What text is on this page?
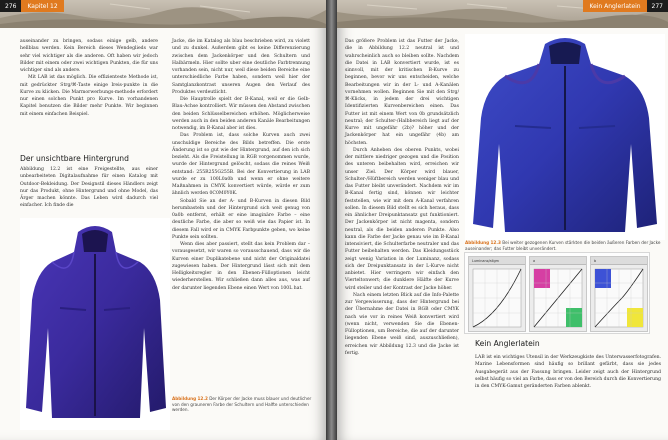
276	Kapitel 12

auseinander zu bringen, sodass einige gelb, andere hellblau werden. Kein Bereich dieses Wendeglieds war sehr viel wichtiger als die anderen. Oft haben wir jedoch Bilder mit einem oder zwei wichtigen Punkten, die für uns wichtiger sind als andere.

Mit LAB ist das möglich. Die effizienteste Methode ist, mit gedrückter Strg/⌘-Taste einige Ireis-punkte in die Kurve zu klicken. Die Marmorwerbungs-methode erfordert nur einen solchen Punkt pro Kurve. Im vorhandenen Kapitel benutzen die Bilder mehr Punkte. Wir beginnen mit einem einfachen Beispiel.

Der unsichtbare Hintergrund

Abbildung 12.2 ist eine Freigestellte, aus einer unbearbeiteten Digitalaufnahme für einen Katalog mit Outdoor-Bekleidung. Der Designstil dieses Händlers zeigt nur das Produkt, ohne Hintergrund und ohne Model, das Ärger machen könnte. Das Leben wird dadurch viel einfacher. Ich finde die

Jacke, die im Katalog als blau beschrieben wird, zu violett und zu dunkel. Außerdem gibt es keine Differenzierung zwischen dem Jackenkörper und den Schultern und Halbärmeln. Hier sollte uber eine deutliche Farbtrennung vorhanden sein, nicht nur, weil diese beiden Bereiche eine unterschiedliche Farbe haben, sondern weil hier der Samtglanzkontrast unseren Augen den Verlauf des Produktes verdeutlicht.

Die Hauptrolle spielt der B-Kanal, weil er die Gelb-Blau-Achse kontrolliert. Wir müssen den Abstand zwischen den beiden Schlüsselbereichen erhöhen. Möglicherweise werden auch in den beiden anderen Kanäle Bearbeitungen notwendig, im B-Kanal aber ist dies.

Das Problem ist, dass solche Kurven auch zwei unschuldige Bereiche des Bilds betreffen. Die erste Änderung ist so gut wie der Hintergrund, auf den ich sich bezieht. Als die Freistellung in RGB vorgenommen wurde, wurde der Hintergrund gelöscht, sodass die reines Weiß entstand: 255R255G255B. Bei der Konvertierung in LAB wurde er zu 100L0a0b und wenn er ohne weitere Maßnahmen in CMYK konvertiert würde, würde er zum ähnlich werden 0C0M0Y0K.

Sobald Sie an der A- und B-Kurven in diesen Bild herumbasteln und der Hintergrund sich weit genug von 0a0b entfernt, erhält er eine imaginäre Farbe – eine deutliche Farbe, die aber so weiß wie das Papier ist. In diesem Fall wird er in CMYK Farbpunkte geben, wo keine Punkte sein sollten.

Wenn dies aber passiert, stellt das kein Problem dar – vorausgesetzt, wir waren so vorausschauend, dass wir die Kurven einer Duplikatebene und nicht der Originaldatei zugewiesen haben. Der Hintergrund lässt sich mit dem Helligkeitsregler in den Ebenen-Fülloptionen leicht wiederherstellen. Wir schließen dann alles aus, was auf der darunter liegenden Ebene einen Wert von 100L hat.

Abbildung 12.2 Der Körper der Jacke muss blauer und deutlicher von den grauneren Farbe der Schultern und Halfte unterschieden werden.
Kein Anglerlatein	277

Das größere Problem ist das Futter der Jacke, die in Abbildung 12.2 neutral ist und wahrscheinlich auch so bleiben sollte. Nachdem die Datei in LAB konvertiert wurde, ist es sinnvoll, mit der kritischen B-Kurve zu beginnen, bevor wir uns entscheiden, welche Bearbeitungen wir in der L- und A-Kanälen vornehmen wollen. Beginnen Sie mit den Strg/⌘-Klicks, in jedem der drei wichtigen Identifizierten Kurvenbereichen einen. Das Futter ist mit einem Wert von 0b grundsätzlich neutral; der Schulter-/Halbbereich liegt auf der Kurve mit ungefähr (2b)? höher und der Jackenkörper hat ein ungefähr (4b) am höchsten.

Durch Anheben des oberen Punkts, wobei der mittlere niedriger gezogen und die Position des unteren beibehalten wird, erreichen wir unser Ziel. Der Körper wird blauer, Schulter-/Hüftbereich werden weniger blau und das Futter bleibt unverändert. Nachdem wir im B-Kanal fertig sind, können wir leichter feststellen, wie wir mit dem A-Kanal verfahren sollen. In diesem Bild stellt es sich heraus, dass ein ähnlicher Dreipunktansatz gut funktioniert. Der Jackenkörper ist nicht magenta, sondern neutral, als die beiden anderen Punkte. Also kann die Farbe der Jacke genau wie im B-Kanal intensiviert, die Schulterfarbe neutraler und das Futter beibehalten werden. Das Kleidungsstück zeigt wenig Variation in der Luminanz, sodass sich der Dreipunktansatz in der L-Kurve nicht anbietet. Hier verringern wir einfach den Vierteltonwert; die dunklere Hälfte der Kurve wird steiler und der Kontrast der Jacke höher.

Nach einem letzten Blick auf die Info-Palette zur Vergewisserung, dass der Hintergrund bei der Übernahme der Datei in RGB oder CMYK nach wie vor in reines Weiß konvertiert wird (wenn nicht, verwenden Sie die Ebenen-Fülloptionen, um Bereiche, die auf der darunter liegenden Ebene weiß sind, auszuschließen), erreichen wir Abbildung 12.3 und die Jacke ist fertig.

Abbildung 12.3 Bei weiter gezogenen Kurven stärkten die beiden äußeren Farben der Jacke auseinander; das Futter bleibt unverändert.
Luminanz/allgm	a	b
Kein Anglerlatein

LAB ist ein wichtiges Utensil in der Werkzeugkiste des Unterwasserfotografen. Marine Lebensformen sind häufig so brillant gefärbt, dass sie jedes Ausgabegerät aus der Fassung bringen. Leider zeigt auch der Hintergrund selbst häufig so viel an Farbe, dass er von den Bereich durch die Konvertierung in den CMYK-Gamut geränderten Farben ablenkt.
